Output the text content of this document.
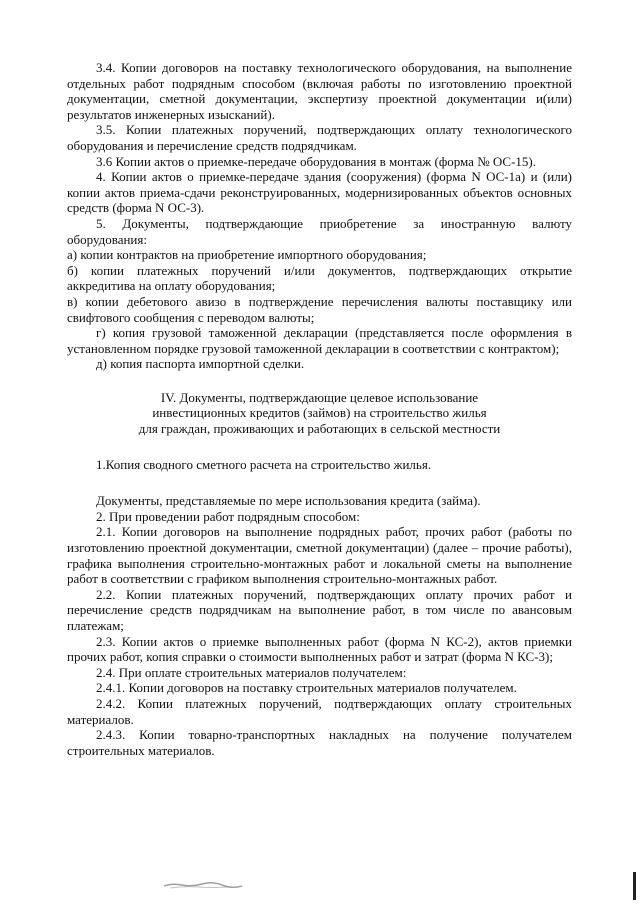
3.4. Копии договоров на поставку технологического оборудования, на выполнение отдельных работ подрядным способом (включая работы по изготовлению проектной документации, сметной документации, экспертизу проектной документации и(или) результатов инженерных изысканий).

3.5. Копии платежных поручений, подтверждающих оплату технологического оборудования и перечисление средств подрядчикам.

3.6 Копии актов о приемке-передаче оборудования в монтаж (форма № ОС-15).

4. Копии актов о приемке-передаче здания (сооружения) (форма N ОС-1а) и (или) копии актов приема-сдачи реконструированных, модернизированных объектов основных средств (форма N ОС-3).

5. Документы, подтверждающие приобретение за иностранную валюту оборудования:

а) копии контрактов на приобретение импортного оборудования;

б) копии платежных поручений и/или документов, подтверждающих открытие аккредитива на оплату оборудования;

в) копии дебетового авизо в подтверждение перечисления валюты поставщику или свифтового сообщения с переводом валюты;

г) копия грузовой таможенной декларации (представляется после оформления в установленном порядке грузовой таможенной декларации в соответствии с контрактом);

д) копия паспорта импортной сделки.

IV. Документы, подтверждающие целевое использование
инвестиционных кредитов (займов) на строительство жилья
для граждан, проживающих и работающих в сельской местности

1.Копия сводного сметного расчета на строительство жилья.

Документы, представляемые по мере использования кредита (займа).

2. При проведении работ подрядным способом:

2.1. Копии договоров на выполнение подрядных работ, прочих работ (работы по изготовлению проектной документации, сметной документации) (далее – прочие работы), графика выполнения строительно-монтажных работ и локальной сметы на выполнение работ в соответствии с графиком выполнения строительно-монтажных работ.

2.2. Копии платежных поручений, подтверждающих оплату прочих работ и перечисление средств подрядчикам на выполнение работ, в том числе по авансовым платежам;

2.3. Копии актов о приемке выполненных работ (форма N КС-2), актов приемки прочих работ, копия справки о стоимости выполненных работ и затрат (форма N КС-3);

2.4. При оплате строительных материалов получателем:

2.4.1. Копии договоров на поставку строительных материалов получателем.

2.4.2. Копии платежных поручений, подтверждающих оплату строительных материалов.

2.4.3. Копии товарно-транспортных накладных на получение получателем строительных материалов.
